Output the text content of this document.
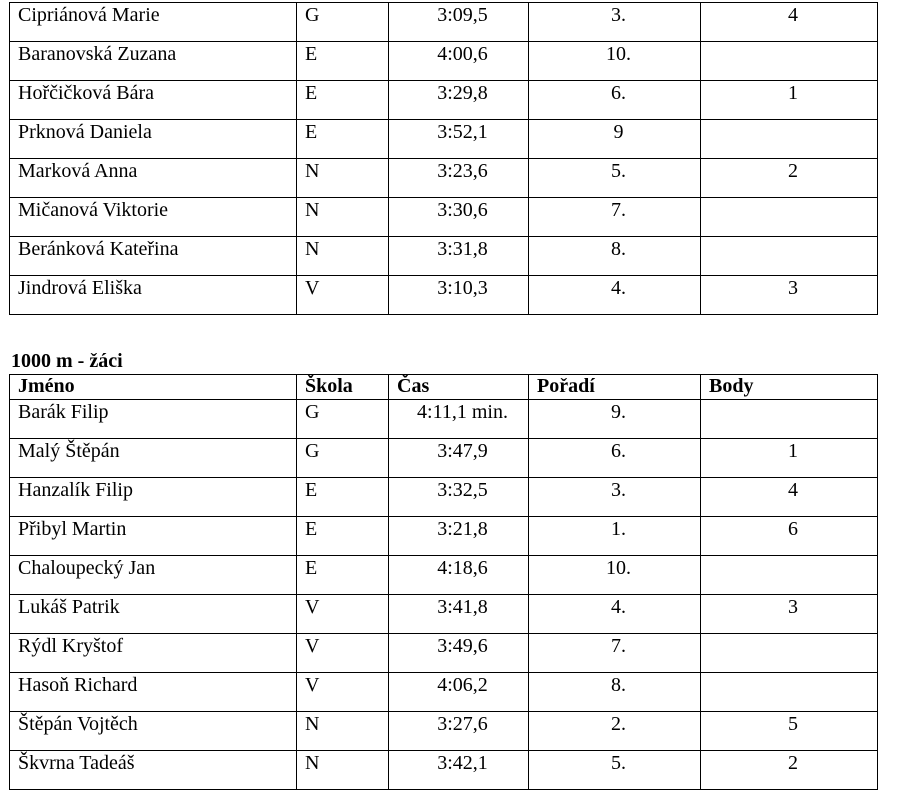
Cipriánová Marie	G	3:09,5	3.	4
Baranovská Zuzana	E	4:00,6	10.	
Hořčičková Bára	E	3:29,8	6.	1
Prknová Daniela	E	3:52,1	9	
Marková Anna	N	3:23,6	5.	2
Mičanová Viktorie	N	3:30,6	7.	
Beránková Kateřina	N	3:31,8	8.	
Jindrová Eliška	V	3:10,3	4.	3
1000 m - žáci
Jméno	Škola	Čas	Pořadí	Body
Barák Filip	G	4:11,1 min.	9.	
Malý Štěpán	G	3:47,9	6.	1
Hanzalík Filip	E	3:32,5	3.	4
Přibyl Martin	E	3:21,8	1.	6
Chaloupecký Jan	E	4:18,6	10.	
Lukáš Patrik	V	3:41,8	4.	3
Rýdl Kryštof	V	3:49,6	7.	
Hasoň Richard	V	4:06,2	8.	
Štěpán Vojtěch	N	3:27,6	2.	5
Škvrna Tadeáš	N	3:42,1	5.	2
